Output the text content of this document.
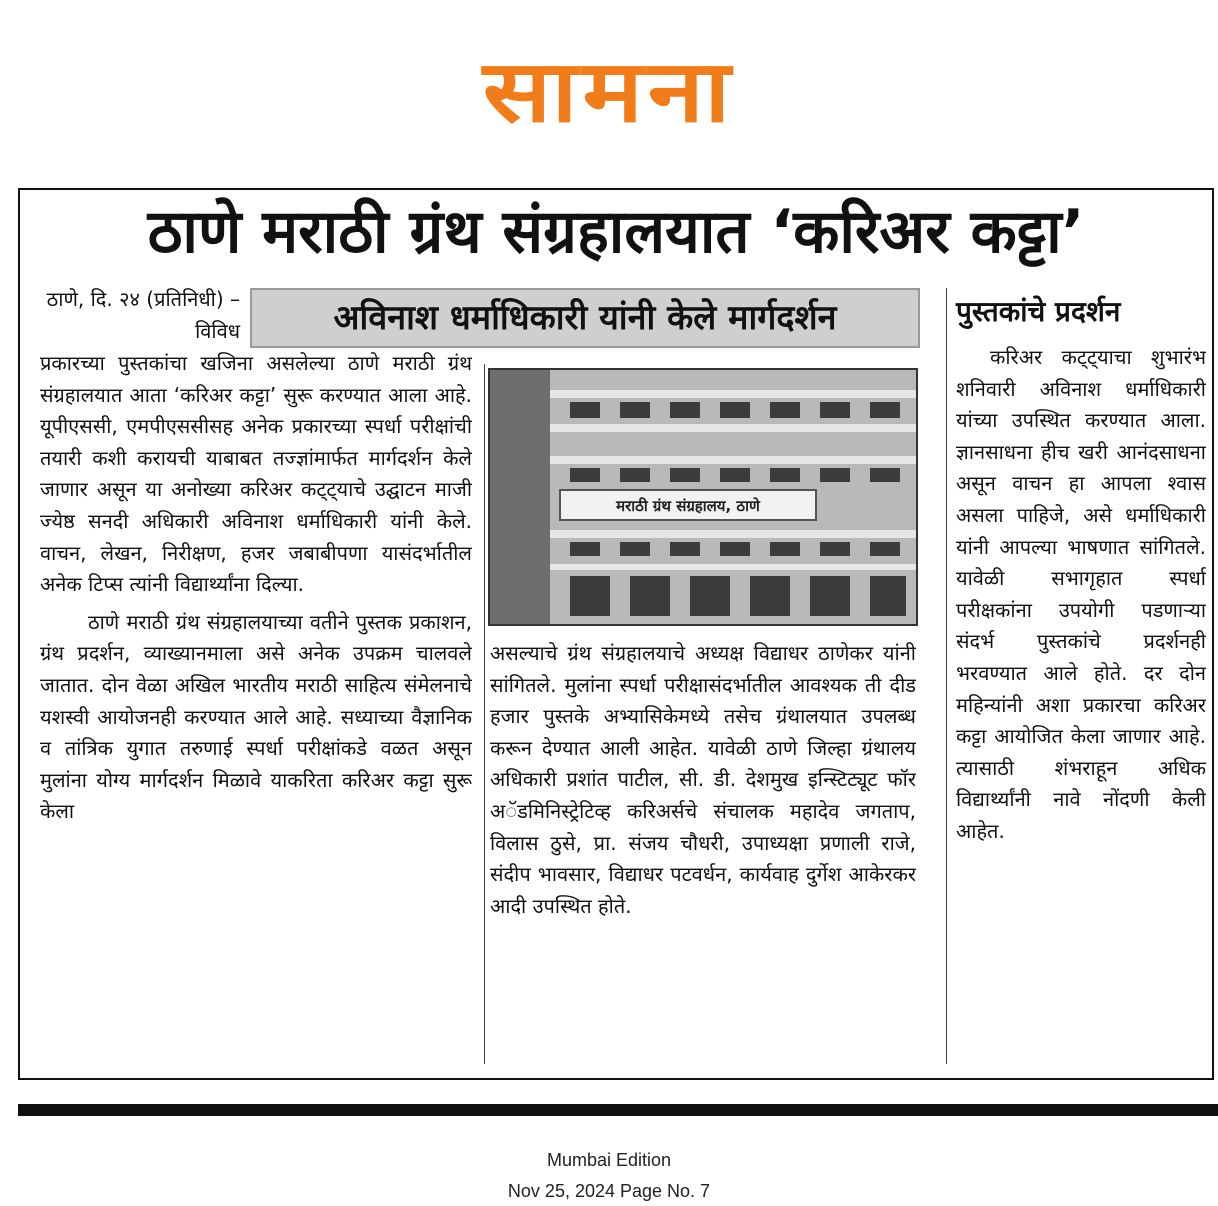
सामना
ठाणे मराठी ग्रंथ संग्रहालयात ‘करिअर कट्टा’
ठाणे, दि. २४ (प्रतिनिधी) – विविध	अविनाश धर्माधिकारी यांनी केले मार्गदर्शन

प्रकारच्या पुस्तकांचा खजिना असलेल्या ठाणे मराठी ग्रंथ संग्रहालयात आता ‘करिअर कट्टा’ सुरू करण्यात आला आहे. यूपीएससी, एमपीएससीसह अनेक प्रकारच्या स्पर्धा परीक्षांची तयारी कशी करायची याबाबत तज्ज्ञांमार्फत मार्गदर्शन केले जाणार असून या अनोख्या करिअर कट्ट्याचे उद्घाटन माजी ज्येष्ठ सनदी अधिकारी अविनाश धर्माधिकारी यांनी केले. वाचन, लेखन, निरीक्षण, हजर जबाबीपणा यासंदर्भातील अनेक टिप्स त्यांनी विद्यार्थ्यांना दिल्या.

ठाणे मराठी ग्रंथ संग्रहालयाच्या वतीने पुस्तक प्रकाशन, ग्रंथ प्रदर्शन, व्याख्यानमाला असे अनेक उपक्रम चालवले जातात. दोन वेळा अखिल भारतीय मराठी साहित्य संमेलनाचे यशस्वी आयोजनही करण्यात आले आहे. सध्याच्या वैज्ञानिक व तांत्रिक युगात तरुणाई स्पर्धा परीक्षांकडे वळत असून मुलांना योग्य मार्गदर्शन मिळावे याकरिता करिअर कट्टा सुरू केला

मराठी ग्रंथ संग्रहालय, ठाणे

असल्याचे ग्रंथ संग्रहालयाचे अध्यक्ष विद्याधर ठाणेकर यांनी सांगितले. मुलांना स्पर्धा परीक्षासंदर्भातील आवश्यक ती दीड हजार पुस्तके अभ्यासिकेमध्ये तसेच ग्रंथालयात उपलब्ध करून देण्यात आली आहेत. यावेळी ठाणे जिल्हा ग्रंथालय अधिकारी प्रशांत पाटील, सी. डी. देशमुख इन्स्टिट्यूट फॉर अॅडमिनिस्ट्रेटिव्ह करिअर्सचे संचालक महादेव जगताप, विलास ठुसे, प्रा. संजय चौधरी, उपाध्यक्षा प्रणाली राजे, संदीप भावसार, विद्याधर पटवर्धन, कार्यवाह दुर्गेश आकेरकर आदी उपस्थित होते.

पुस्तकांचे प्रदर्शन

करिअर कट्ट्याचा शुभारंभ शनिवारी अविनाश धर्माधिकारी यांच्या उपस्थित करण्यात आला. ज्ञानसाधना हीच खरी आनंदसाधना असून वाचन हा आपला श्वास असला पाहिजे, असे धर्माधिकारी यांनी आपल्या भाषणात सांगितले. यावेळी सभागृहात स्पर्धा परीक्षकांना उपयोगी पडणाऱ्या संदर्भ पुस्तकांचे प्रदर्शनही भरवण्यात आले होते. दर दोन महिन्यांनी अशा प्रकारचा करिअर कट्टा आयोजित केला जाणार आहे. त्यासाठी शंभराहून अधिक विद्यार्थ्यांनी नावे नोंदणी केली आहेत.

Mumbai Edition
Nov 25, 2024 Page No. 7
